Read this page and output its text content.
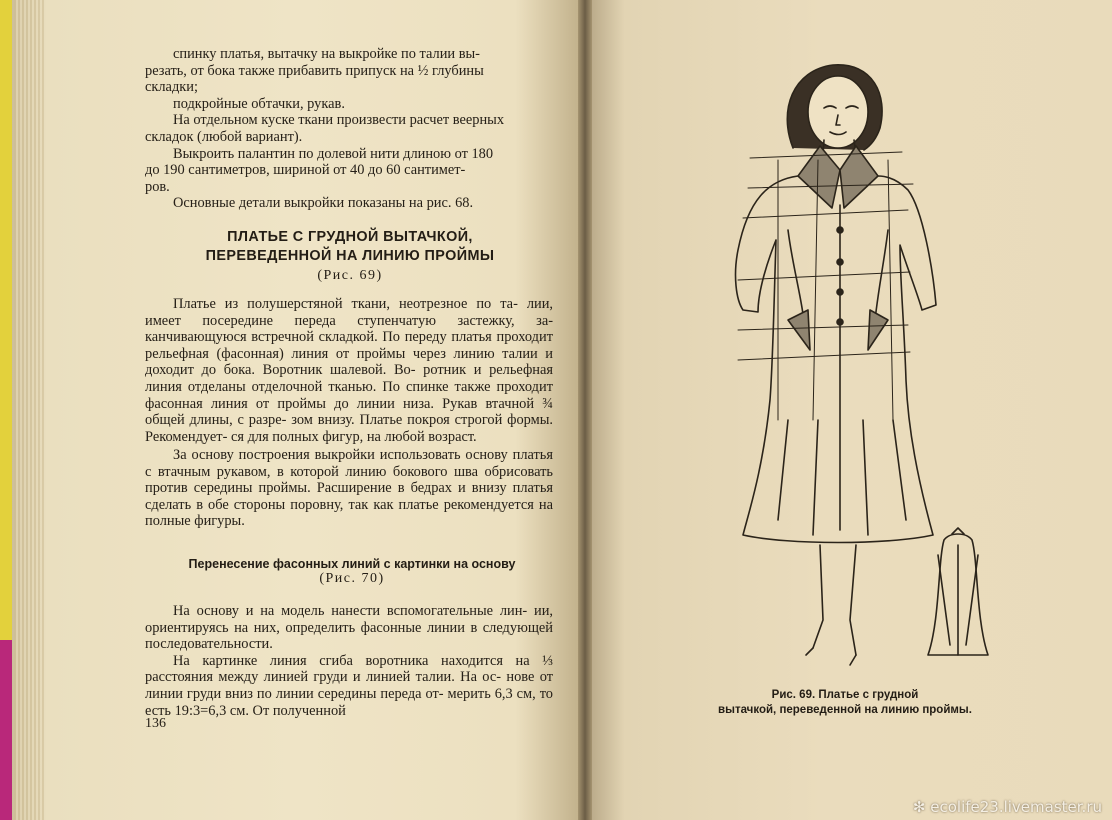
спинку платья, вытачку на выкройке по талии вы-
резать, от бока также прибавить припуск на ½ глубины
складки;
подкройные обтачки, рукав.
На отдельном куске ткани произвести расчет веерных
складок (любой вариант).
Выкроить палантин по долевой нити длиною от 180
до 190 сантиметров, шириной от 40 до 60 сантимет-
ров.
Основные детали выкройки показаны на рис. 68.
ПЛАТЬЕ С ГРУДНОЙ ВЫТАЧКОЙ,
ПЕРЕВЕДЕННОЙ НА ЛИНИЮ ПРОЙМЫ
(Рис. 69)

Платье из полушерстяной ткани, неотрезное по та- лии, имеет посередине переда ступенчатую застежку, за- канчивающуюся встречной складкой. По переду платья проходит рельефная (фасонная) линия от проймы через линию талии и доходит до бока. Воротник шалевой. Во- ротник и рельефная линия отделаны отделочной тканью. По спинке также проходит фасонная линия от проймы до линии низа. Рукав втачной ¾ общей длины, с разре- зом внизу. Платье покроя строгой формы. Рекомендует- ся для полных фигур, на любой возраст.

За основу построения выкройки использовать основу платья с втачным рукавом, в которой линию бокового шва обрисовать против середины проймы. Расширение в бедрах и внизу платья сделать в обе стороны поровну, так как платье рекомендуется на полные фигуры.

Перенесение фасонных линий с картинки на основу
(Рис. 70)

На основу и на модель нанести вспомогательные лин- ии, ориентируясь на них, определить фасонные линии в следующей последовательности.

На картинке линия сгиба воротника находится на ⅓ расстояния между линией груди и линией талии. На ос- нове от линии груди вниз по линии середины переда от- мерить 6,3 см, то есть 19:3=6,3 см. От полученной

136
Рис. 69. Платье с грудной
вытачкой, переведенной на линию проймы.
✻ ecolife23.livemaster.ru
